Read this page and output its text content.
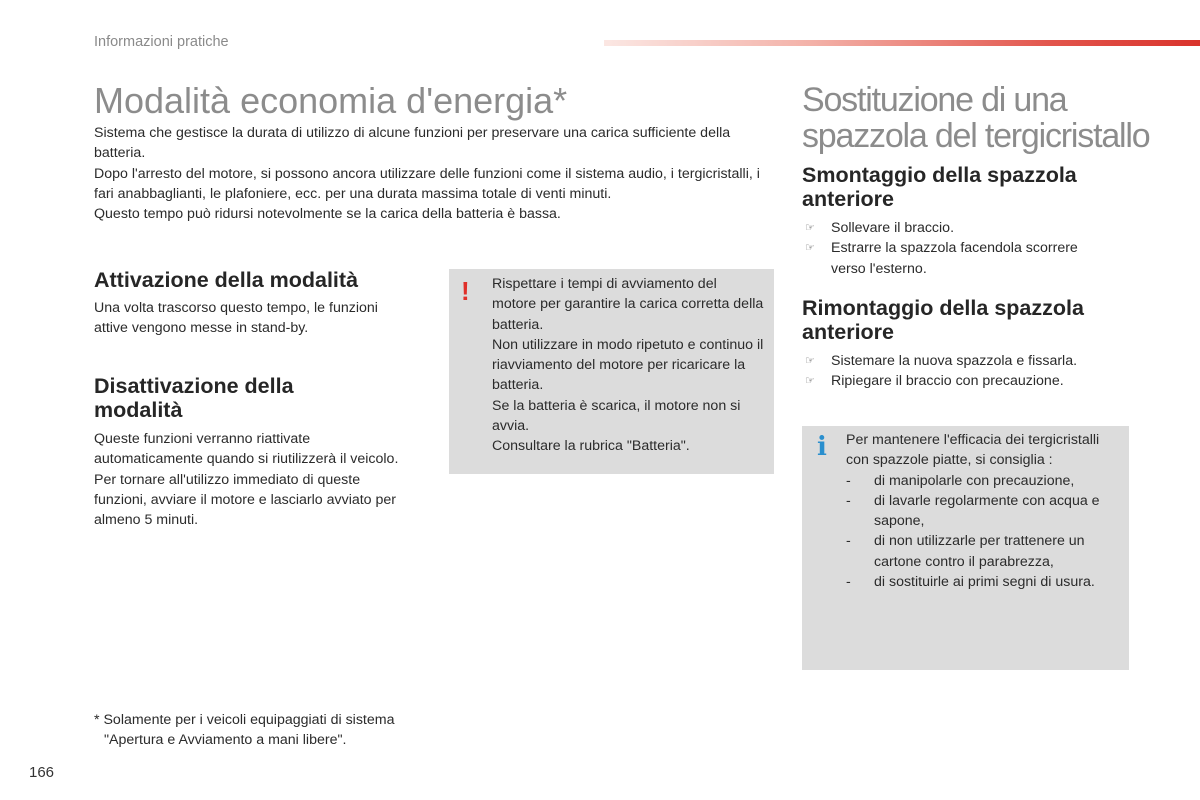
Informazioni pratiche
Modalità economia d'energia*
Sistema che gestisce la durata di utilizzo di alcune funzioni per preservare una carica sufficiente della batteria.
Dopo l'arresto del motore, si possono ancora utilizzare delle funzioni come il sistema audio, i tergicristalli, i fari anabbaglianti, le plafoniere, ecc. per una durata massima totale di venti minuti.
Questo tempo può ridursi notevolmente se la carica della batteria è bassa.
Attivazione della modalità
Una volta trascorso questo tempo, le funzioni attive vengono messe in stand-by.
Disattivazione della modalità
Queste funzioni verranno riattivate automaticamente quando si riutilizzerà il veicolo.
Per tornare all'utilizzo immediato di queste funzioni, avviare il motore e lasciarlo avviato per almeno 5 minuti.
! Rispettare i tempi di avviamento del motore per garantire la carica corretta della batteria.
Non utilizzare in modo ripetuto e continuo il riavviamento del motore per ricaricare la batteria.
Se la batteria è scarica, il motore non si avvia.
Consultare la rubrica "Batteria".
* Solamente per i veicoli equipaggiati di sistema
"Apertura e Avviamento a mani libere".
Sostituzione di una spazzola del tergicristallo
Smontaggio della spazzola anteriore
☞ Sollevare il braccio.
☞ Estrarre la spazzola facendola scorrere verso l'esterno.
Rimontaggio della spazzola anteriore
☞ Sistemare la nuova spazzola e fissarla.
☞ Ripiegare il braccio con precauzione.
i Per mantenere l'efficacia dei tergicristalli con spazzole piatte, si consiglia :
- di manipolarle con precauzione,
- di lavarle regolarmente con acqua e sapone,
- di non utilizzarle per trattenere un cartone contro il parabrezza,
- di sostituirle ai primi segni di usura.
166
